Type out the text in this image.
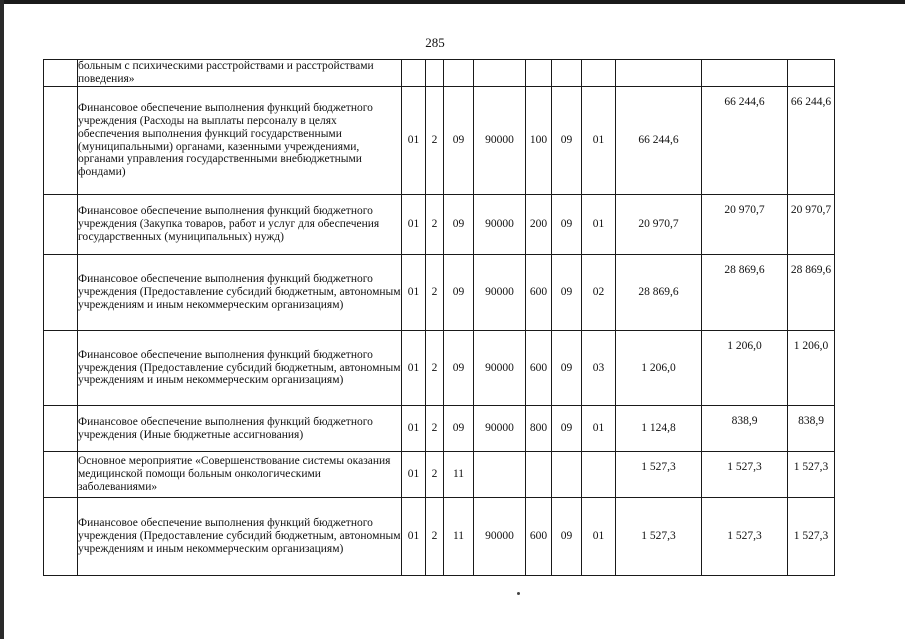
285
	больным с психическими расстройствами и расстройствами поведения»										
	Финансовое обеспечение выполнения функций бюджетного учреждения (Расходы на выплаты персоналу в целях обеспечения выполнения функций государственными (муниципальными) органами, казенными учреждениями, органами управления государственными внебюджетными фондами)	01	2	09	90000	100	09	01	66 244,6	66 244,6	66 244,6
	Финансовое обеспечение выполнения функций бюджетного учреждения (Закупка товаров, работ и услуг для обеспечения государственных (муниципальных) нужд)	01	2	09	90000	200	09	01	20 970,7	20 970,7	20 970,7
	Финансовое обеспечение выполнения функций бюджетного учреждения (Предоставление субсидий бюджетным, автономным учреждениям и иным некоммерческим организациям)	01	2	09	90000	600	09	02	28 869,6	28 869,6	28 869,6
	Финансовое обеспечение выполнения функций бюджетного учреждения (Предоставление субсидий бюджетным, автономным учреждениям и иным некоммерческим организациям)	01	2	09	90000	600	09	03	1 206,0	1 206,0	1 206,0
	Финансовое обеспечение выполнения функций бюджетного учреждения (Иные бюджетные ассигнования)	01	2	09	90000	800	09	01	1 124,8	838,9	838,9
	Основное мероприятие «Совершенствование системы оказания медицинской помощи больным онкологическими заболеваниями»	01	2	11					1 527,3	1 527,3	1 527,3
	Финансовое обеспечение выполнения функций бюджетного учреждения (Предоставление субсидий бюджетным, автономным учреждениям и иным некоммерческим организациям)	01	2	11	90000	600	09	01	1 527,3	1 527,3	1 527,3
